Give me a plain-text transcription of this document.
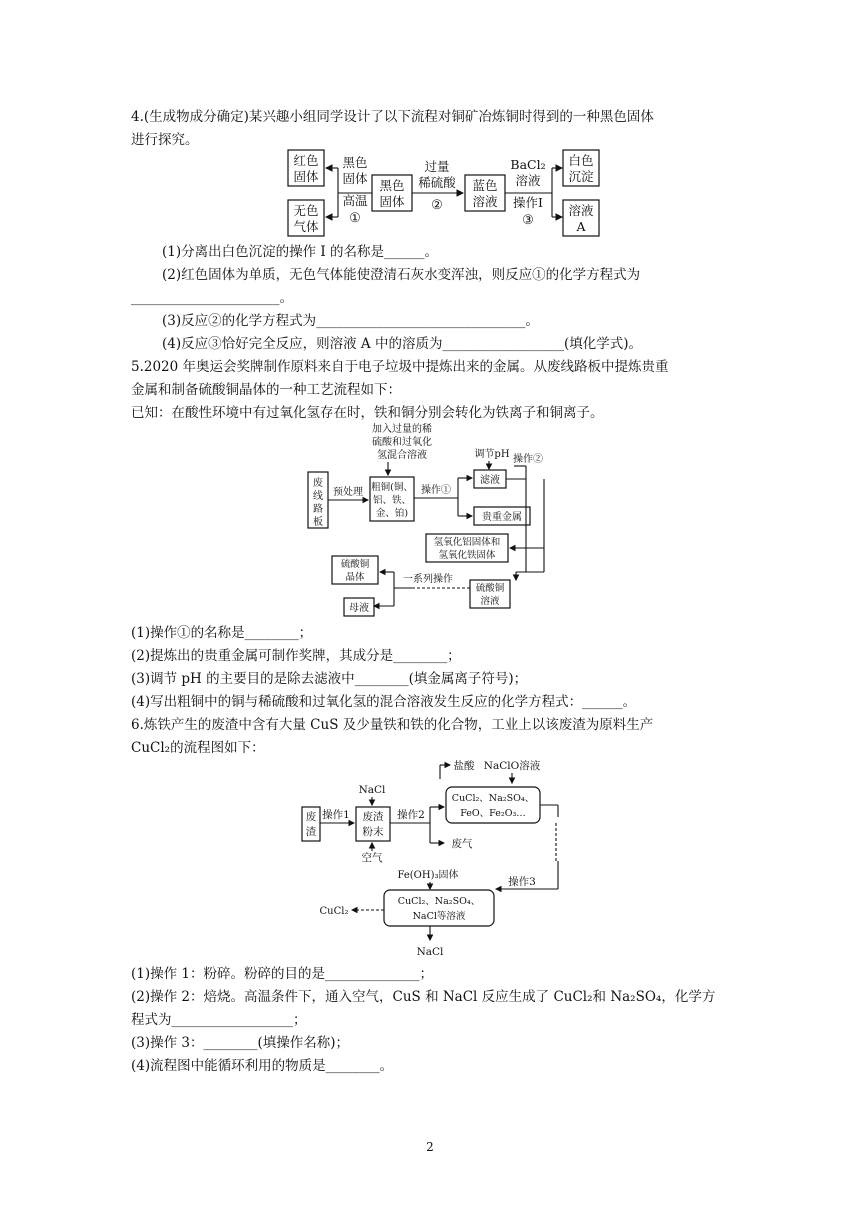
4.(生成物成分确定)某兴趣小组同学设计了以下流程对铜矿冶炼铜时得到的一种黑色固体
进行探究。
红色
固体
无色
气体
黑色
固体
高温
①
黑色
固体
过量
稀硫酸
②
蓝色
溶液
BaCl₂
溶液
操作Ⅰ
③
白色
沉淀
溶液
A
(1)分离出白色沉淀的操作 I 的名称是______。
(2)红色固体为单质，无色气体能使澄清石灰水变浑浊，则反应①的化学方程式为
______________________。
(3)反应②的化学方程式为_______________________________。
(4)反应③恰好完全反应，则溶液 A 中的溶质为__________________(填化学式)。
5.2020 年奥运会奖牌制作原料来自于电子垃圾中提炼出来的金属。从废线路板中提炼贵重
金属和制备硫酸铜晶体的一种工艺流程如下：
已知：在酸性环境中有过氧化氢存在时，铁和铜分别会转化为铁离子和铜离子。
加入过量的稀
硫酸和过氧化
氢混合溶液	调节pH
废
线
路
板
预处理 粗铜(铜、
铝、铁、
金、铂)
操作①
滤液
操作②
贵重金属
氢氧化铝固体和
氢氧化铁固体
硫酸铜
溶液
一系列操作
硫酸铜
晶体
母液
(1)操作①的名称是________；
(2)提炼出的贵重金属可制作奖牌，其成分是________；
(3)调节 pH 的主要目的是除去滤液中________(填金属离子符号)；
(4)写出粗铜中的铜与稀硫酸和过氧化氢的混合溶液发生反应的化学方程式：______。
6.炼铁产生的废渣中含有大量 CuS 及少量铁和铁的化合物，工业上以该废渣为原料生产
CuCl₂的流程图如下：
盐酸 NaClO溶液
NaCl
废
渣
操作1 废渣
粉末
操作2
废气
空气
CuCl₂、Na₂SO₄、
FeO、Fe₂O₃…
操作3
Fe(OH)₃固体
CuCl₂、Na₂SO₄、
NaCl等溶液
CuCl₂
NaCl
(1)操作 1：粉碎。粉碎的目的是______________；
(2)操作 2：焙烧。高温条件下，通入空气，CuS 和 NaCl 反应生成了 CuCl₂和 Na₂SO₄，化学方
程式为__________________；
(3)操作 3：________(填操作名称)；
(4)流程图中能循环利用的物质是________。
2
